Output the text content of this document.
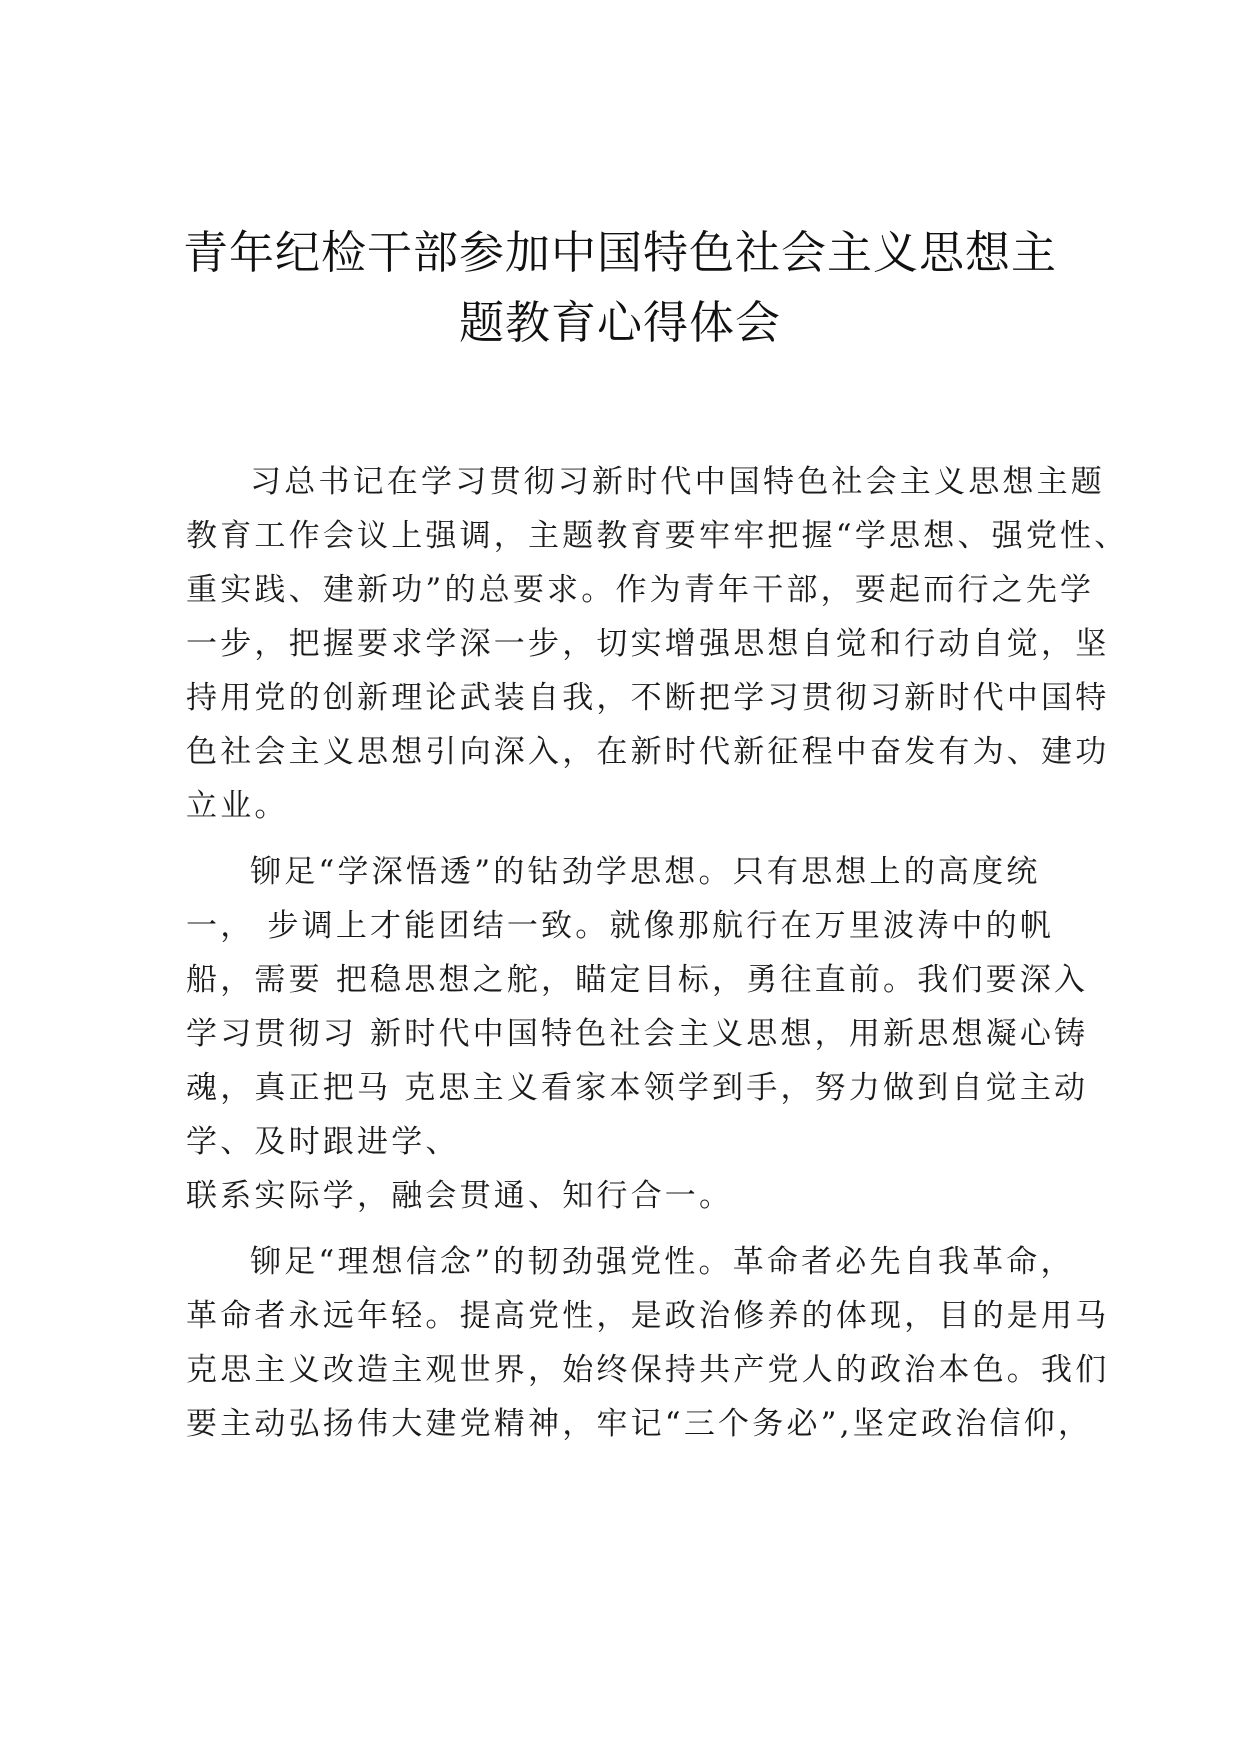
青年纪检干部参加中国特色社会主义思想主
题教育心得体会
习总书记在学习贯彻习新时代中国特色社会主义思想主题
教育工作会议上强调，主题教育要牢牢把握“学思想、强党性、
重实践、建新功”的总要求。作为青年干部，要起而行之先学
一步，把握要求学深一步，切实增强思想自觉和行动自觉，坚
持用党的创新理论武装自我，不断把学习贯彻习新时代中国特
色社会主义思想引向深入，在新时代新征程中奋发有为、建功
立业。
铆足“学深悟透”的钻劲学思想。只有思想上的高度统
一， 步调上才能团结一致。就像那航行在万里波涛中的帆
船，需要 把稳思想之舵，瞄定目标，勇往直前。我们要深入
学习贯彻习 新时代中国特色社会主义思想，用新思想凝心铸
魂，真正把马 克思主义看家本领学到手，努力做到自觉主动
学、及时跟进学、
联系实际学，融会贯通、知行合一。
铆足“理想信念”的韧劲强党性。革命者必先自我革命，
革命者永远年轻。提高党性，是政治修养的体现，目的是用马
克思主义改造主观世界，始终保持共产党人的政治本色。我们
要主动弘扬伟大建党精神，牢记“三个务必”,坚定政治信仰，
